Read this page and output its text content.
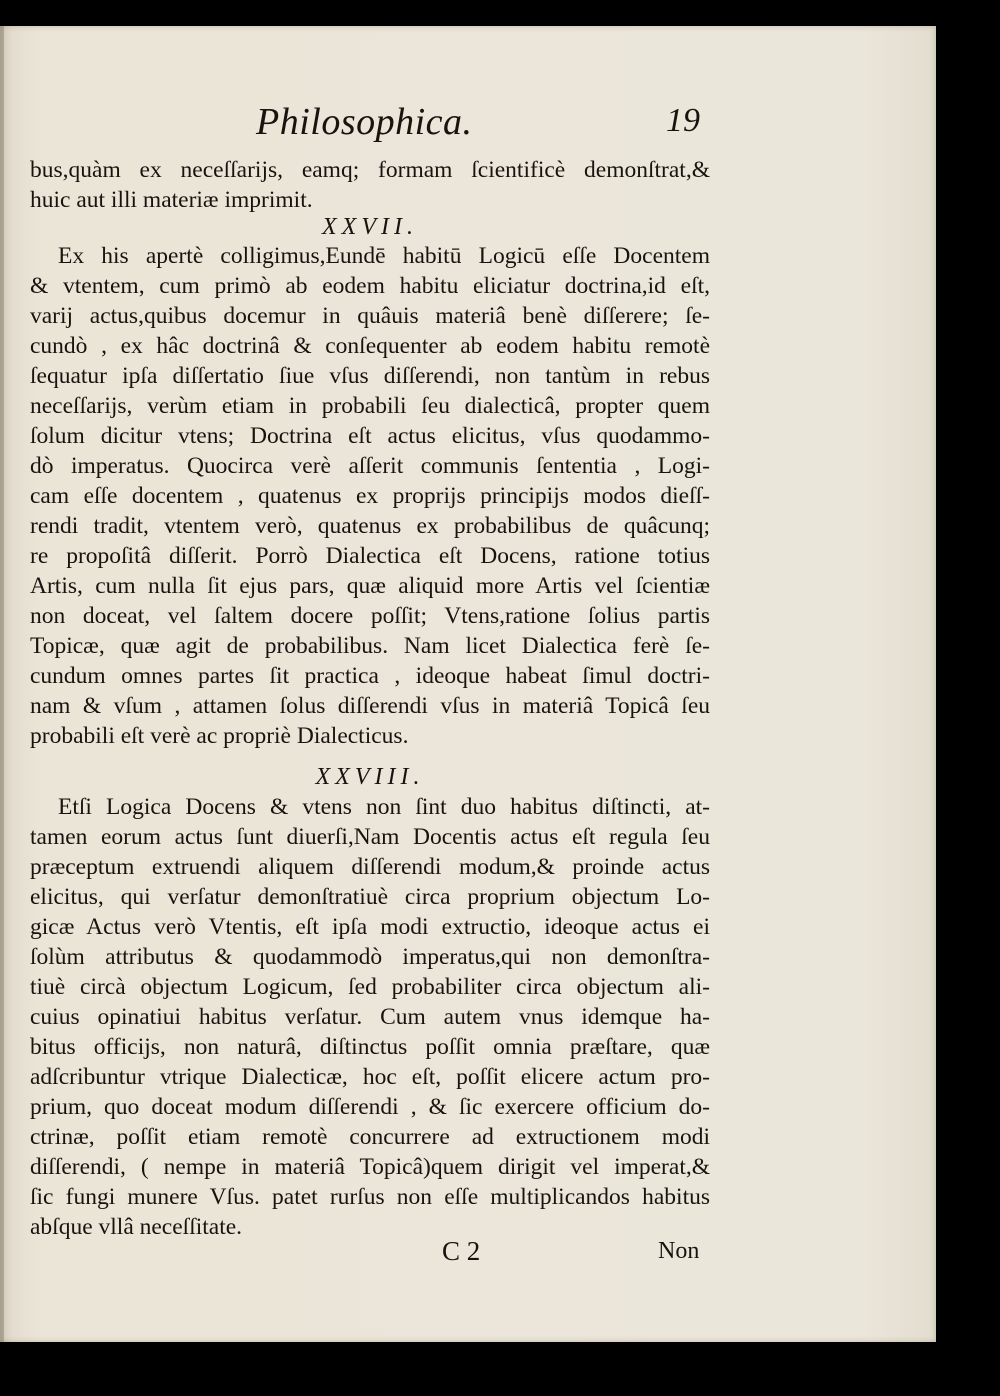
Philosophica.	19
bus,quàm ex neceſſarijs, eamq; formam ſcientificè demonſtrat,&
huic aut illi materiæ imprimit.
XXVII.
Ex his apertè colligimus,Eundē habitū Logicū eſſe Docentem
& vtentem, cum primò ab eodem habitu eliciatur doctrina,id eſt,
varij actus,quibus docemur in quâuis materiâ benè diſſerere; ſe-
cundò , ex hâc doctrinâ & conſequenter ab eodem habitu remotè
ſequatur ipſa diſſertatio ſiue vſus diſſerendi, non tantùm in rebus
neceſſarijs, verùm etiam in probabili ſeu dialecticâ, propter quem
ſolum dicitur vtens; Doctrina eſt actus elicitus, vſus quodammo-
dò imperatus. Quocirca verè aſſerit communis ſententia , Logi-
cam eſſe docentem , quatenus ex proprijs principijs modos dieſſ-
rendi tradit, vtentem verò, quatenus ex probabilibus de quâcunq;
re propoſitâ diſſerit. Porrò Dialectica eſt Docens, ratione totius
Artis, cum nulla ſit ejus pars, quæ aliquid more Artis vel ſcientiæ
non doceat, vel ſaltem docere poſſit; Vtens,ratione ſolius partis
Topicæ, quæ agit de probabilibus. Nam licet Dialectica ferè ſe-
cundum omnes partes ſit practica , ideoque habeat ſimul doctri-
nam & vſum , attamen ſolus diſſerendi vſus in materiâ Topicâ ſeu
probabili eſt verè ac propriè Dialecticus.
XXVIII.
Etſi Logica Docens & vtens non ſint duo habitus diſtincti, at-
tamen eorum actus ſunt diuerſi,Nam Docentis actus eſt regula ſeu
præceptum extruendi aliquem diſſerendi modum,& proinde actus
elicitus, qui verſatur demonſtratiuè circa proprium objectum Lo-
gicæ Actus verò Vtentis, eſt ipſa modi extructio, ideoque actus ei
ſolùm attributus & quodammodò imperatus,qui non demonſtra-
tiuè circà objectum Logicum, ſed probabiliter circa objectum ali-
cuius opinatiui habitus verſatur. Cum autem vnus idemque ha-
bitus officijs, non naturâ, diſtinctus poſſit omnia præſtare, quæ
adſcribuntur vtrique Dialecticæ, hoc eſt, poſſit elicere actum pro-
prium, quo doceat modum diſſerendi , & ſic exercere officium do-
ctrinæ, poſſit etiam remotè concurrere ad extructionem modi
diſſerendi, ( nempe in materiâ Topicâ)quem dirigit vel imperat,&
ſic fungi munere Vſus. patet rurſus non eſſe multiplicandos habitus
abſque vllâ neceſſitate.
C 2	Non
